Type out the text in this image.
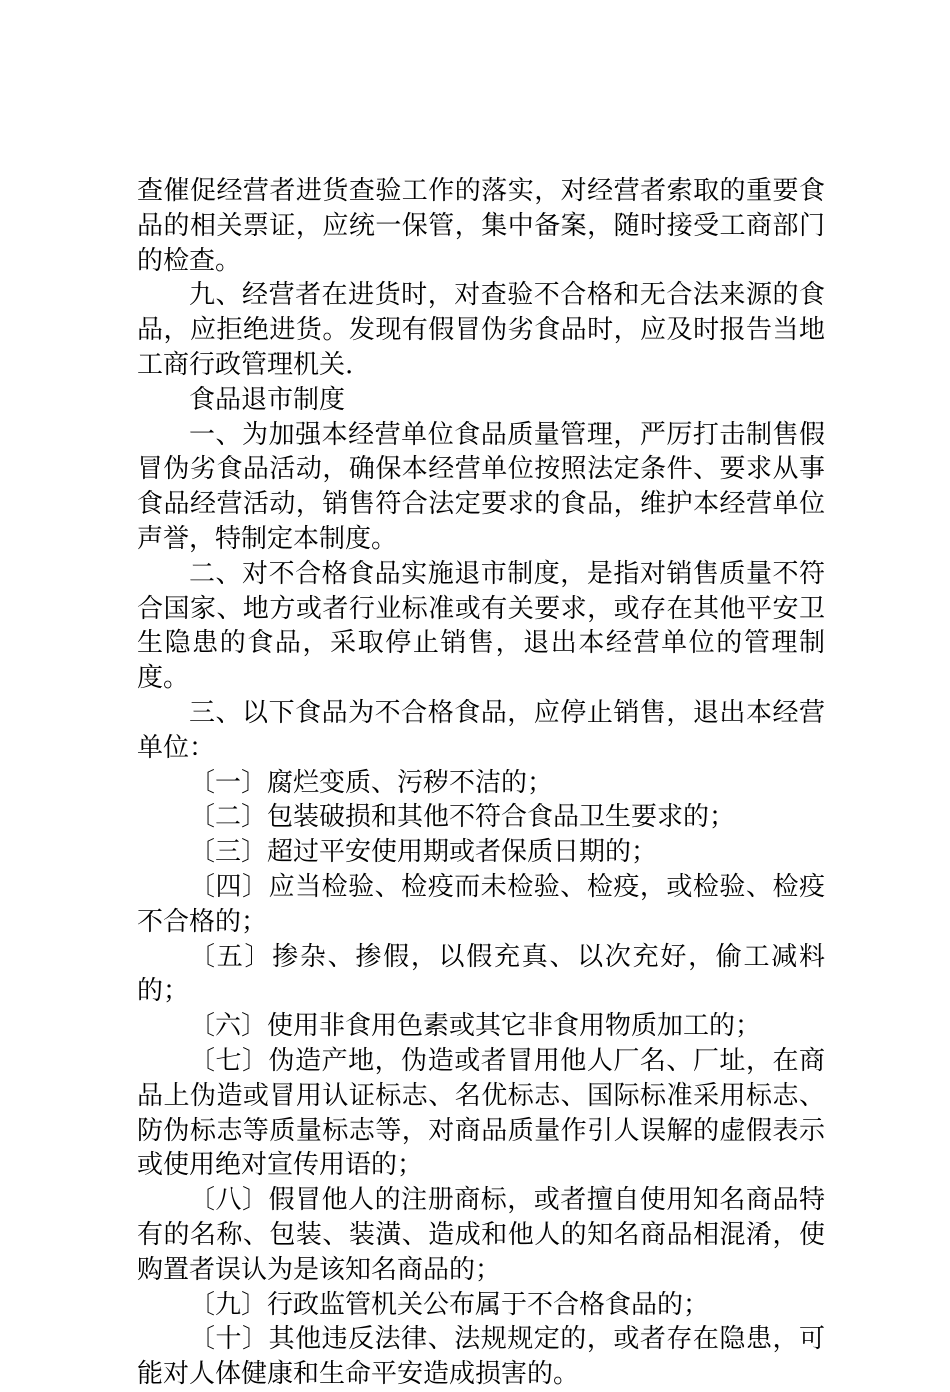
查催促经营者进货查验工作的落实，对经营者索取的重要食品的相关票证，应统一保管，集中备案，随时接受工商部门的检查。

九、经营者在进货时，对查验不合格和无合法来源的食品，应拒绝进货。发现有假冒伪劣食品时，应及时报告当地工商行政管理机关.

食品退市制度

一、为加强本经营单位食品质量管理，严厉打击制售假冒伪劣食品活动，确保本经营单位按照法定条件、要求从事食品经营活动，销售符合法定要求的食品，维护本经营单位声誉，特制定本制度。

二、对不合格食品实施退市制度，是指对销售质量不符合国家、地方或者行业标准或有关要求，或存在其他平安卫生隐患的食品，采取停止销售，退出本经营单位的管理制度。

三、以下食品为不合格食品，应停止销售，退出本经营单位：

〔一〕腐烂变质、污秽不洁的；

〔二〕包装破损和其他不符合食品卫生要求的；

〔三〕超过平安使用期或者保质日期的；

〔四〕应当检验、检疫而未检验、检疫，或检验、检疫不合格的；

〔五〕掺杂、掺假，以假充真、以次充好，偷工减料的；

〔六〕使用非食用色素或其它非食用物质加工的；

〔七〕伪造产地，伪造或者冒用他人厂名、厂址，在商品上伪造或冒用认证标志、名优标志、国际标准采用标志、防伪标志等质量标志等，对商品质量作引人误解的虚假表示或使用绝对宣传用语的；

〔八〕假冒他人的注册商标，或者擅自使用知名商品特有的名称、包装、装潢、造成和他人的知名商品相混淆，使购置者误认为是该知名商品的；

〔九〕行政监管机关公布属于不合格食品的；

〔十〕其他违反法律、法规规定的，或者存在隐患，可能对人体健康和生命平安造成损害的。
